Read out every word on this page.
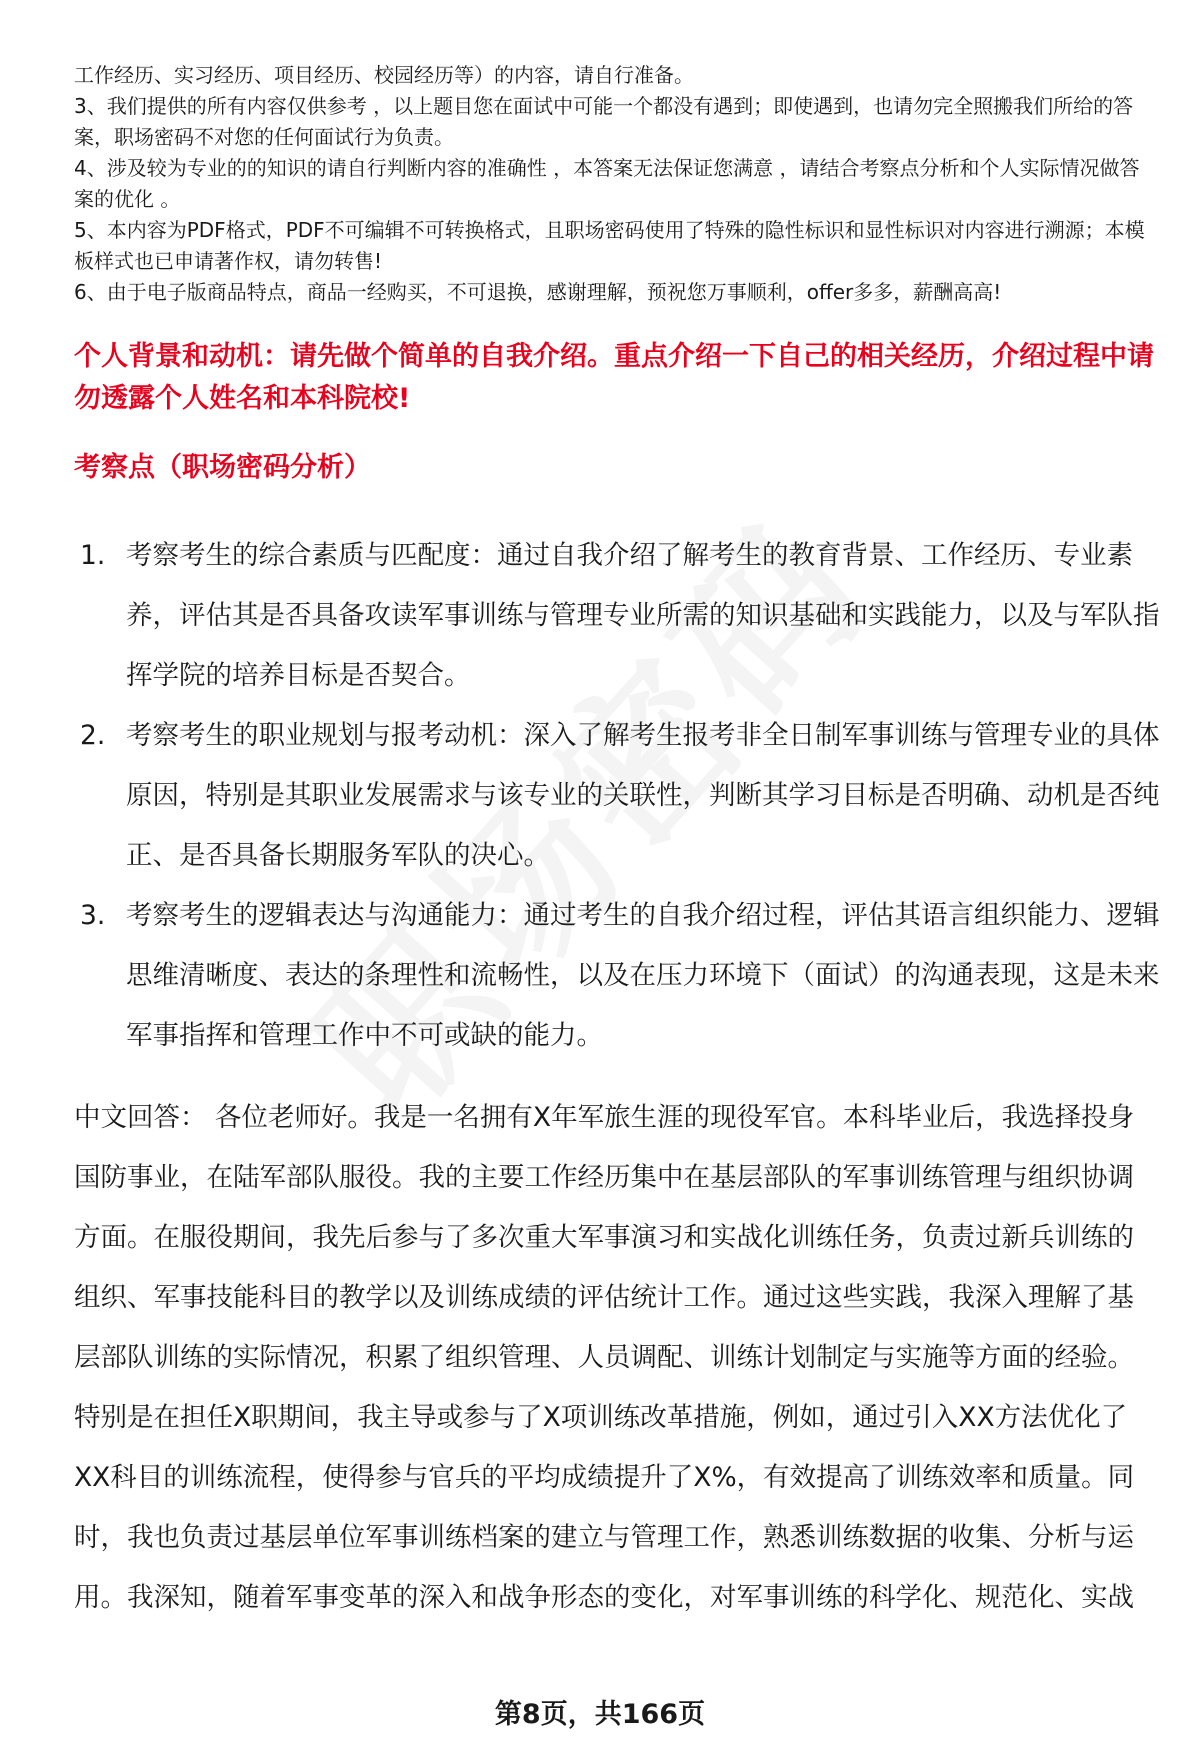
工作经历、实习经历、项目经历、校园经历等）的内容，请自行准备。

3、我们提供的所有内容仅供参考 ，以上题目您在面试中可能一个都没有遇到；即使遇到，也请勿完全照搬我们所给的答案，职场密码不对您的任何面试行为负责。

4、涉及较为专业的的知识的请自行判断内容的准确性 ，本答案无法保证您满意 ，请结合考察点分析和个人实际情况做答案的优化 。

5、本内容为PDF格式，PDF不可编辑不可转换格式，且职场密码使用了特殊的隐性标识和显性标识对内容进行溯源；本模板样式也已申请著作权，请勿转售!

6、由于电子版商品特点，商品一经购买，不可退换，感谢理解，预祝您万事顺利，offer多多，薪酬高高!

个人背景和动机：请先做个简单的自我介绍。重点介绍一下自己的相关经历，介绍过程中请勿透露个人姓名和本科院校!

考察点（职场密码分析）

1. 考察考生的综合素质与匹配度：通过自我介绍了解考生的教育背景、工作经历、专业素养，评估其是否具备攻读军事训练与管理专业所需的知识基础和实践能力，以及与军队指挥学院的培养目标是否契合。
2. 考察考生的职业规划与报考动机：深入了解考生报考非全日制军事训练与管理专业的具体原因，特别是其职业发展需求与该专业的关联性，判断其学习目标是否明确、动机是否纯正、是否具备长期服务军队的决心。
3. 考察考生的逻辑表达与沟通能力：通过考生的自我介绍过程，评估其语言组织能力、逻辑思维清晰度、表达的条理性和流畅性，以及在压力环境下（面试）的沟通表现，这是未来军事指挥和管理工作中不可或缺的能力。

中文回答： 各位老师好。我是一名拥有X年军旅生涯的现役军官。本科毕业后，我选择投身国防事业，在陆军部队服役。我的主要工作经历集中在基层部队的军事训练管理与组织协调方面。在服役期间，我先后参与了多次重大军事演习和实战化训练任务，负责过新兵训练的组织、军事技能科目的教学以及训练成绩的评估统计工作。通过这些实践，我深入理解了基层部队训练的实际情况，积累了组织管理、人员调配、训练计划制定与实施等方面的经验。特别是在担任X职期间，我主导或参与了X项训练改革措施，例如，通过引入XX方法优化了XX科目的训练流程，使得参与官兵的平均成绩提升了X%，有效提高了训练效率和质量。同时，我也负责过基层单位军事训练档案的建立与管理工作，熟悉训练数据的收集、分析与运用。我深知，随着军事变革的深入和战争形态的变化，对军事训练的科学化、规范化、实战

第8页，共166页
